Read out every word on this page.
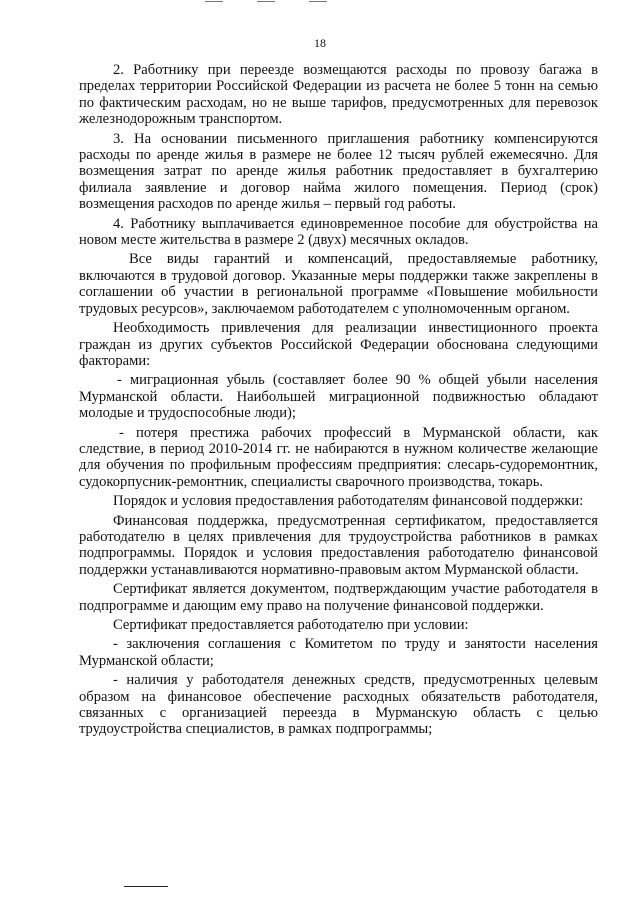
18

2. Работнику при переезде возмещаются расходы по провозу багажа в пределах территории Российской Федерации из расчета не более 5 тонн на семью по фактическим расходам, но не выше тарифов, предусмотренных для перевозок железнодорожным транспортом.

3. На основании письменного приглашения работнику компенсируются расходы по аренде жилья в размере не более 12 тысяч рублей ежемесячно. Для возмещения затрат по аренде жилья работник предоставляет в бухгалтерию филиала заявление и договор найма жилого помещения. Период (срок) возмещения расходов по аренде жилья – первый год работы.

4. Работнику выплачивается единовременное пособие для обустройства на новом месте жительства в размере 2 (двух) месячных окладов.

Все виды гарантий и компенсаций, предоставляемые работнику, включаются в трудовой договор. Указанные меры поддержки также закреплены в соглашении об участии в региональной программе «Повышение мобильности трудовых ресурсов», заключаемом работодателем с уполномоченным органом.

Необходимость привлечения для реализации инвестиционного проекта граждан из других субъектов Российской Федерации обоснована следующими факторами:

- миграционная убыль (составляет более 90 % общей убыли населения Мурманской области. Наибольшей миграционной подвижностью обладают молодые и трудоспособные люди);

- потеря престижа рабочих профессий в Мурманской области, как следствие, в период 2010-2014 гг. не набираются в нужном количестве желающие для обучения по профильным профессиям предприятия: слесарь-судоремонтник, судокорпусник-ремонтник, специалисты сварочного производства, токарь.

Порядок и условия предоставления работодателям финансовой поддержки:

Финансовая поддержка, предусмотренная сертификатом, предоставляется работодателю в целях привлечения для трудоустройства работников в рамках подпрограммы. Порядок и условия предоставления работодателю финансовой поддержки устанавливаются нормативно-правовым актом Мурманской области.

Сертификат является документом, подтверждающим участие работодателя в подпрограмме и дающим ему право на получение финансовой поддержки.

Сертификат предоставляется работодателю при условии:

- заключения соглашения с Комитетом по труду и занятости населения Мурманской области;

- наличия у работодателя денежных средств, предусмотренных целевым образом на финансовое обеспечение расходных обязательств работодателя, связанных с организацией переезда в Мурманскую область с целью трудоустройства специалистов, в рамках подпрограммы;
